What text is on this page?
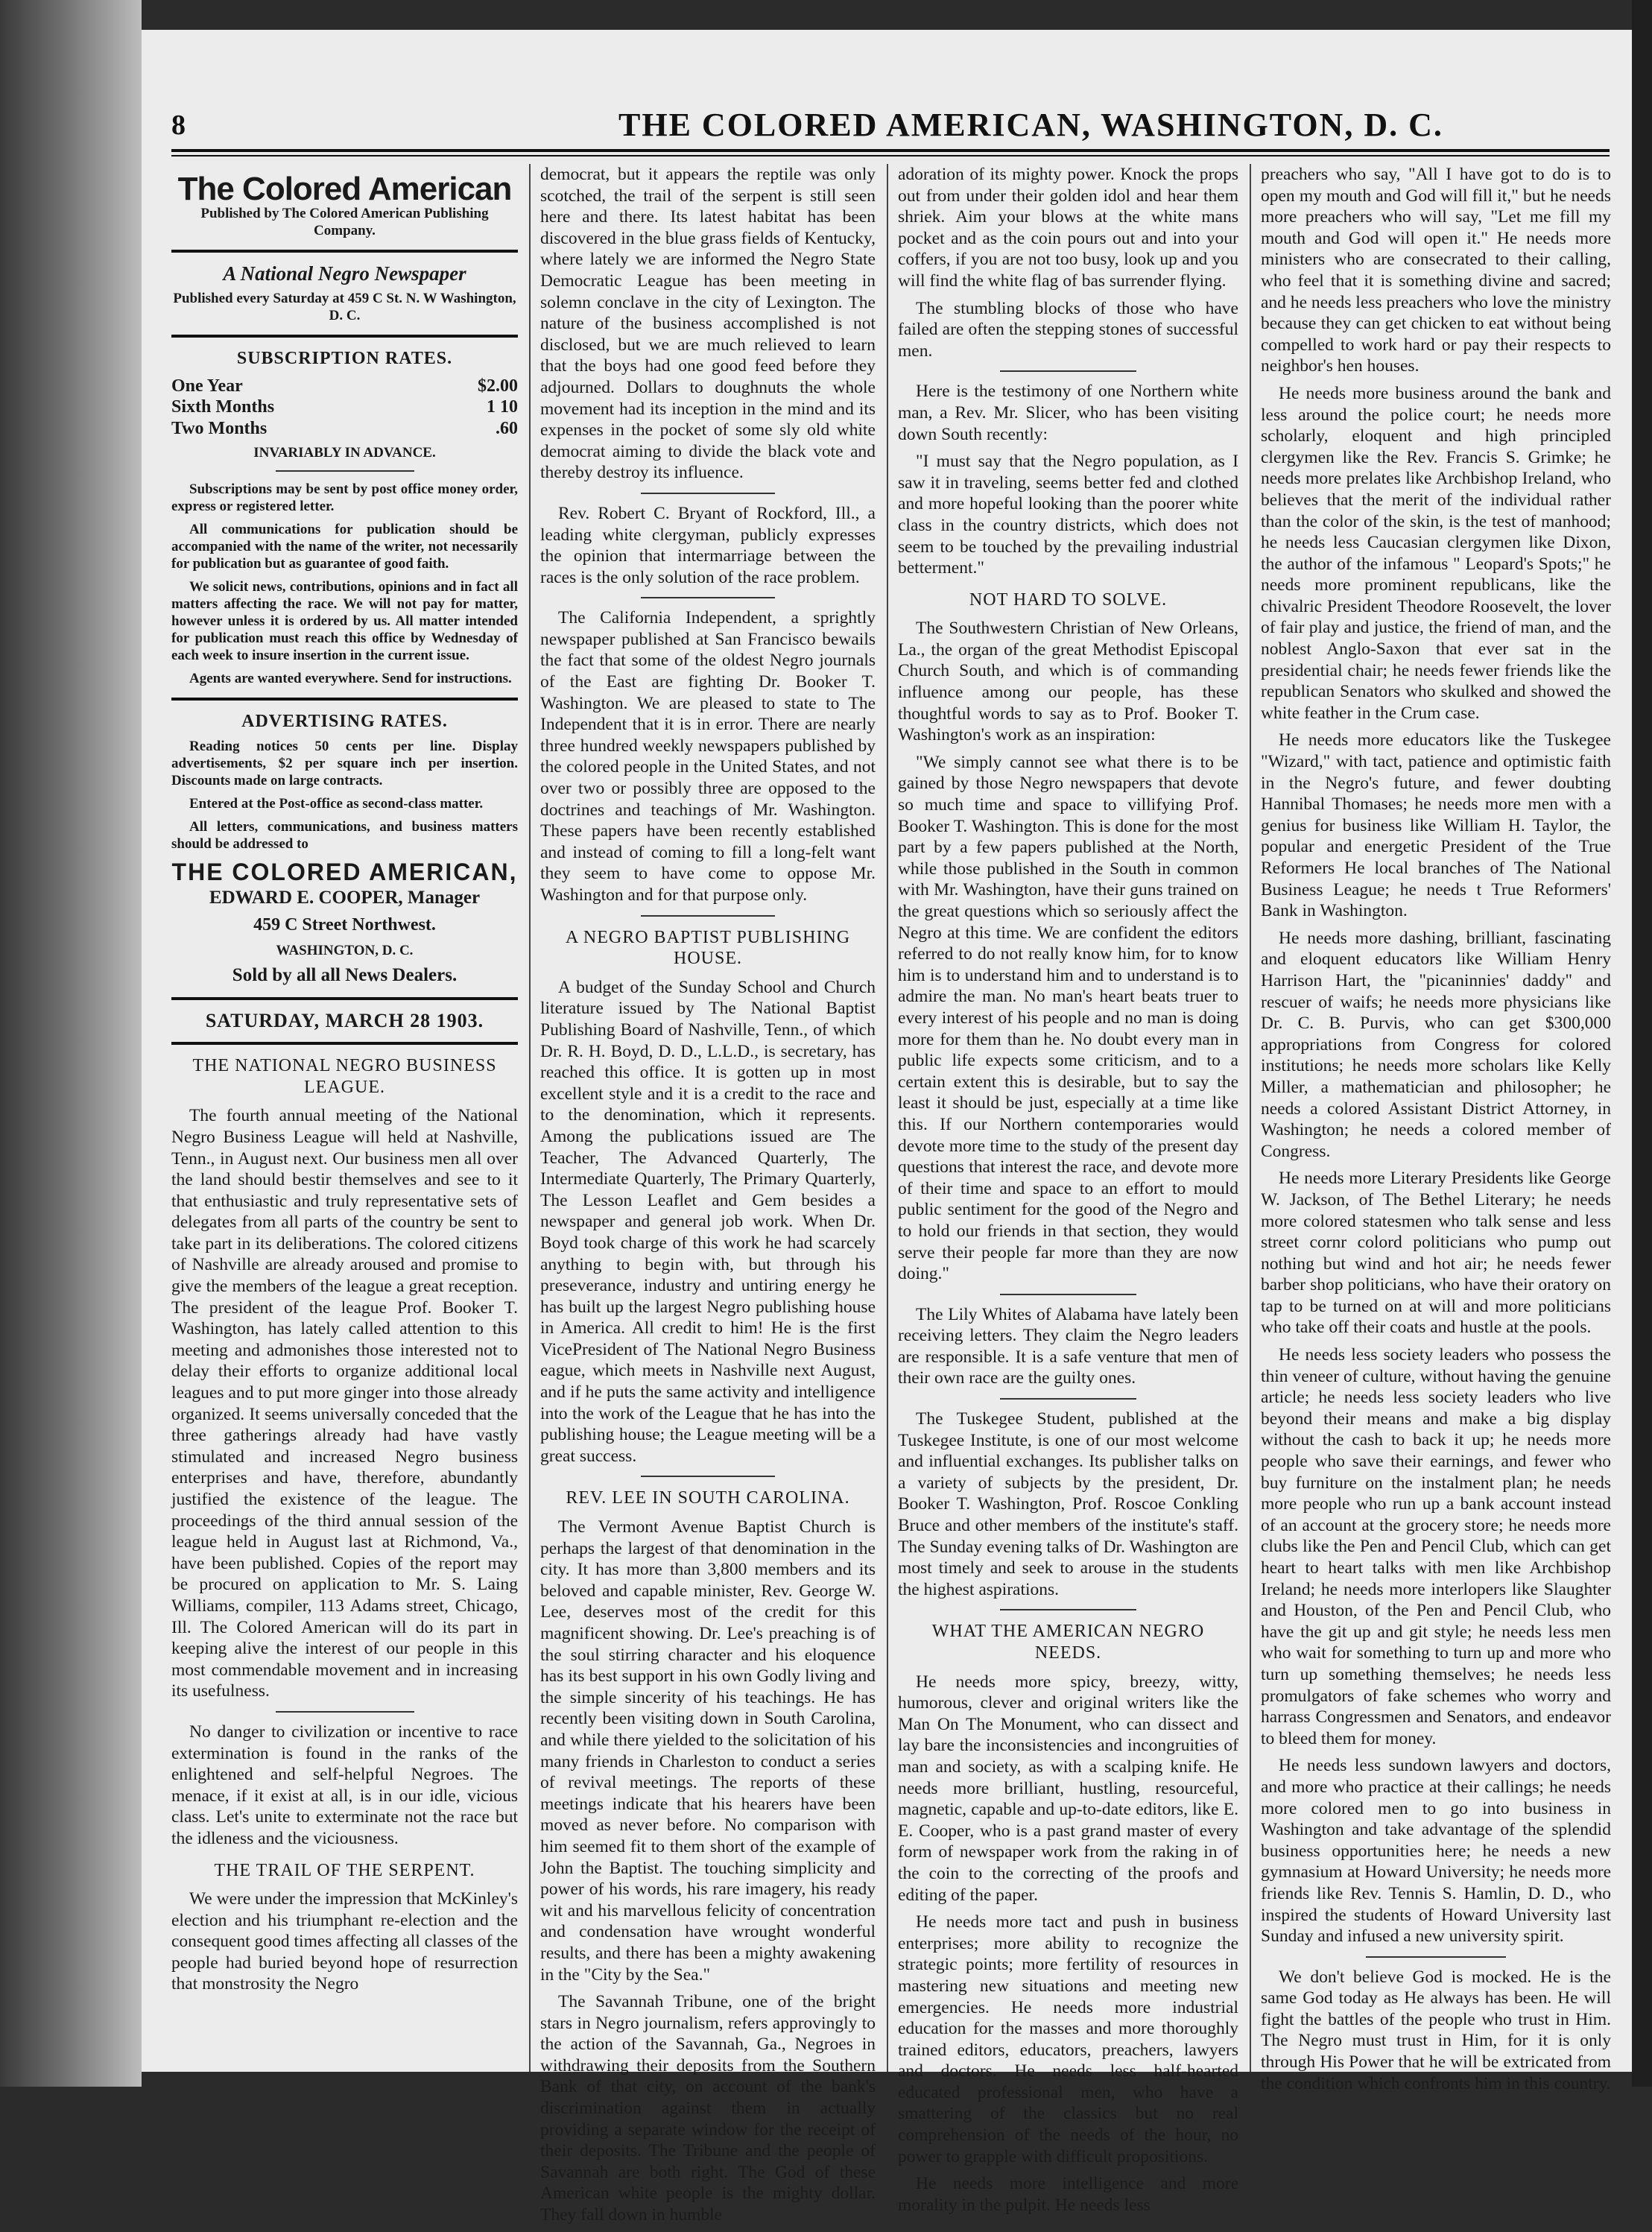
8	THE COLORED AMERICAN, WASHINGTON, D. C.
The Colored American

Published by The Colored American Publishing Company.

A National Negro Newspaper

Published every Saturday at 459 C St. N. W Washington, D. C.

SUBSCRIPTION RATES.

One Year	$2.00
Sixth Months	1 10
Two Months	.60

INVARIABLY IN ADVANCE.

Subscriptions may be sent by post office money order, express or registered letter.

All communications for publication should be accompanied with the name of the writer, not necessarily for publication but as guarantee of good faith.

We solicit news, contributions, opinions and in fact all matters affecting the race. We will not pay for matter, however unless it is ordered by us. All matter intended for publication must reach this office by Wednesday of each week to insure insertion in the current issue.

Agents are wanted everywhere. Send for instructions.

ADVERTISING RATES.

Reading notices 50 cents per line. Display advertisements, $2 per square inch per insertion. Discounts made on large contracts.

Entered at the Post-office as second-class matter.

All letters, communications, and business matters should be addressed to

THE COLORED AMERICAN,

EDWARD E. COOPER, Manager

459 C Street Northwest.

WASHINGTON, D. C.

Sold by all all News Dealers.

SATURDAY, MARCH 28 1903.
THE NATIONAL NEGRO BUSINESS LEAGUE.

The fourth annual meeting of the National Negro Business League will held at Nashville, Tenn., in August next. Our business men all over the land should bestir themselves and see to it that enthusiastic and truly representative sets of delegates from all parts of the country be sent to take part in its deliberations. The colored citizens of Nashville are already aroused and promise to give the members of the league a great reception. The president of the league Prof. Booker T. Washington, has lately called attention to this meeting and admonishes those interested not to delay their efforts to organize additional local leagues and to put more ginger into those already organized. It seems universally conceded that the three gatherings already had have vastly stimulated and increased Negro business enterprises and have, therefore, abundantly justified the existence of the league. The proceedings of the third annual session of the league held in August last at Richmond, Va., have been published. Copies of the report may be procured on application to Mr. S. Laing Williams, compiler, 113 Adams street, Chicago, Ill. The Colored American will do its part in keeping alive the interest of our people in this most commendable movement and in increasing its usefulness.

No danger to civilization or incentive to race extermination is found in the ranks of the enlightened and self-helpful Negroes. The menace, if it exist at all, is in our idle, vicious class. Let's unite to exterminate not the race but the idleness and the viciousness.

THE TRAIL OF THE SERPENT.

We were under the impression that McKinley's election and his triumphant re-election and the consequent good times affecting all classes of the people had buried beyond hope of resurrection that monstrosity the Negro

democrat, but it appears the reptile was only scotched, the trail of the serpent is still seen here and there. Its latest habitat has been discovered in the blue grass fields of Kentucky, where lately we are informed the Negro State Democratic League has been meeting in solemn conclave in the city of Lexington. The nature of the business accomplished is not disclosed, but we are much relieved to learn that the boys had one good feed before they adjourned. Dollars to doughnuts the whole movement had its inception in the mind and its expenses in the pocket of some sly old white democrat aiming to divide the black vote and thereby destroy its influence.

Rev. Robert C. Bryant of Rockford, Ill., a leading white clergyman, publicly expresses the opinion that intermarriage between the races is the only solution of the race problem.

The California Independent, a sprightly newspaper published at San Francisco bewails the fact that some of the oldest Negro journals of the East are fighting Dr. Booker T. Washington. We are pleased to state to The Independent that it is in error. There are nearly three hundred weekly newspapers published by the colored people in the United States, and not over two or possibly three are opposed to the doctrines and teachings of Mr. Washington. These papers have been recently established and instead of coming to fill a long-felt want they seem to have come to oppose Mr. Washington and for that purpose only.

A NEGRO BAPTIST PUBLISHING HOUSE.

A budget of the Sunday School and Church literature issued by The National Baptist Publishing Board of Nashville, Tenn., of which Dr. R. H. Boyd, D. D., L.L.D., is secretary, has reached this office. It is gotten up in most excellent style and it is a credit to the race and to the denomination, which it represents. Among the publications issued are The Teacher, The Advanced Quarterly, The Intermediate Quarterly, The Primary Quarterly, The Lesson Leaflet and Gem besides a newspaper and general job work. When Dr. Boyd took charge of this work he had scarcely anything to begin with, but through his preseverance, industry and untiring energy he has built up the largest Negro publishing house in America. All credit to him! He is the first VicePresident of The National Negro Business eague, which meets in Nashville next August, and if he puts the same activity and intelligence into the work of the League that he has into the publishing house; the League meeting will be a great success.

REV. LEE IN SOUTH CAROLINA.

The Vermont Avenue Baptist Church is perhaps the largest of that denomination in the city. It has more than 3,800 members and its beloved and capable minister, Rev. George W. Lee, deserves most of the credit for this magnificent showing. Dr. Lee's preaching is of the soul stirring character and his eloquence has its best support in his own Godly living and the simple sincerity of his teachings. He has recently been visiting down in South Carolina, and while there yielded to the solicitation of his many friends in Charleston to conduct a series of revival meetings. The reports of these meetings indicate that his hearers have been moved as never before. No comparison with him seemed fit to them short of the example of John the Baptist. The touching simplicity and power of his words, his rare imagery, his ready wit and his marvellous felicity of concentration and condensation have wrought wonderful results, and there has been a mighty awakening in the "City by the Sea."

The Savannah Tribune, one of the bright stars in Negro journalism, refers approvingly to the action of the Savannah, Ga., Negroes in withdrawing their deposits from the Southern Bank of that city, on account of the bank's discrimination against them in actually providing a separate window for the receipt of their deposits. The Tribune and the people of Savannah are both right. The God of these American white people is the mighty dollar. They fall down in humble

adoration of its mighty power. Knock the props out from under their golden idol and hear them shriek. Aim your blows at the white mans pocket and as the coin pours out and into your coffers, if you are not too busy, look up and you will find the white flag of bas surrender flying.

The stumbling blocks of those who have failed are often the stepping stones of successful men.

Here is the testimony of one Northern white man, a Rev. Mr. Slicer, who has been visiting down South recently:

"I must say that the Negro population, as I saw it in traveling, seems better fed and clothed and more hopeful looking than the poorer white class in the country districts, which does not seem to be touched by the prevailing industrial betterment."

NOT HARD TO SOLVE.

The Southwestern Christian of New Orleans, La., the organ of the great Methodist Episcopal Church South, and which is of commanding influence among our people, has these thoughtful words to say as to Prof. Booker T. Washington's work as an inspiration:

"We simply cannot see what there is to be gained by those Negro newspapers that devote so much time and space to villifying Prof. Booker T. Washington. This is done for the most part by a few papers published at the North, while those published in the South in common with Mr. Washington, have their guns trained on the great questions which so seriously affect the Negro at this time. We are confident the editors referred to do not really know him, for to know him is to understand him and to understand is to admire the man. No man's heart beats truer to every interest of his people and no man is doing more for them than he. No doubt every man in public life expects some criticism, and to a certain extent this is desirable, but to say the least it should be just, especially at a time like this. If our Northern contemporaries would devote more time to the study of the present day questions that interest the race, and devote more of their time and space to an effort to mould public sentiment for the good of the Negro and to hold our friends in that section, they would serve their people far more than they are now doing."

The Lily Whites of Alabama have lately been receiving letters. They claim the Negro leaders are responsible. It is a safe venture that men of their own race are the guilty ones.

The Tuskegee Student, published at the Tuskegee Institute, is one of our most welcome and influential exchanges. Its publisher talks on a variety of subjects by the president, Dr. Booker T. Washington, Prof. Roscoe Conkling Bruce and other members of the institute's staff. The Sunday evening talks of Dr. Washington are most timely and seek to arouse in the students the highest aspirations.

WHAT THE AMERICAN NEGRO NEEDS.

He needs more spicy, breezy, witty, humorous, clever and original writers like the Man On The Monument, who can dissect and lay bare the inconsistencies and incongruities of man and society, as with a scalping knife. He needs more brilliant, hustling, resourceful, magnetic, capable and up-to-date editors, like E. E. Cooper, who is a past grand master of every form of newspaper work from the raking in of the coin to the correcting of the proofs and editing of the paper.

He needs more tact and push in business enterprises; more ability to recognize the strategic points; more fertility of resources in mastering new situations and meeting new emergencies. He needs more industrial education for the masses and more thoroughly trained editors, educators, preachers, lawyers and doctors. He needs less half-hearted educated professional men, who have a smattering of the classics but no real comprehension of the needs of the hour, no power to grapple with difficult propositions.

He needs more intelligence and more morality in the pulpit. He needs less

preachers who say, "All I have got to do is to open my mouth and God will fill it," but he needs more preachers who will say, "Let me fill my mouth and God will open it." He needs more ministers who are consecrated to their calling, who feel that it is something divine and sacred; and he needs less preachers who love the ministry because they can get chicken to eat without being compelled to work hard or pay their respects to neighbor's hen houses.

He needs more business around the bank and less around the police court; he needs more scholarly, eloquent and high principled clergymen like the Rev. Francis S. Grimke; he needs more prelates like Archbishop Ireland, who believes that the merit of the individual rather than the color of the skin, is the test of manhood; he needs less Caucasian clergymen like Dixon, the author of the infamous " Leopard's Spots;" he needs more prominent republicans, like the chivalric President Theodore Roosevelt, the lover of fair play and justice, the friend of man, and the noblest Anglo-Saxon that ever sat in the presidential chair; he needs fewer friends like the republican Senators who skulked and showed the white feather in the Crum case.

He needs more educators like the Tuskegee "Wizard," with tact, patience and optimistic faith in the Negro's future, and fewer doubting Hannibal Thomases; he needs more men with a genius for business like William H. Taylor, the popular and energetic President of the True Reformers He local branches of The National Business League; he needs t True Reformers' Bank in Washington.

He needs more dashing, brilliant, fascinating and eloquent educators like William Henry Harrison Hart, the "picaninnies' daddy" and rescuer of waifs; he needs more physicians like Dr. C. B. Purvis, who can get $300,000 appropriations from Congress for colored institutions; he needs more scholars like Kelly Miller, a mathematician and philosopher; he needs a colored Assistant District Attorney, in Washington; he needs a colored member of Congress.

He needs more Literary Presidents like George W. Jackson, of The Bethel Literary; he needs more colored statesmen who talk sense and less street cornr colord politicians who pump out nothing but wind and hot air; he needs fewer barber shop politicians, who have their oratory on tap to be turned on at will and more politicians who take off their coats and hustle at the pools.

He needs less society leaders who possess the thin veneer of culture, without having the genuine article; he needs less society leaders who live beyond their means and make a big display without the cash to back it up; he needs more people who save their earnings, and fewer who buy furniture on the instalment plan; he needs more people who run up a bank account instead of an account at the grocery store; he needs more clubs like the Pen and Pencil Club, which can get heart to heart talks with men like Archbishop Ireland; he needs more interlopers like Slaughter and Houston, of the Pen and Pencil Club, who have the git up and git style; he needs less men who wait for something to turn up and more who turn up something themselves; he needs less promulgators of fake schemes who worry and harrass Congressmen and Senators, and endeavor to bleed them for money.

He needs less sundown lawyers and doctors, and more who practice at their callings; he needs more colored men to go into business in Washington and take advantage of the splendid business opportunities here; he needs a new gymnasium at Howard University; he needs more friends like Rev. Tennis S. Hamlin, D. D., who inspired the students of Howard University last Sunday and infused a new university spirit.

We don't believe God is mocked. He is the same God today as He always has been. He will fight the battles of the people who trust in Him. The Negro must trust in Him, for it is only through His Power that he will be extricated from the condition which confronts him in this country.
